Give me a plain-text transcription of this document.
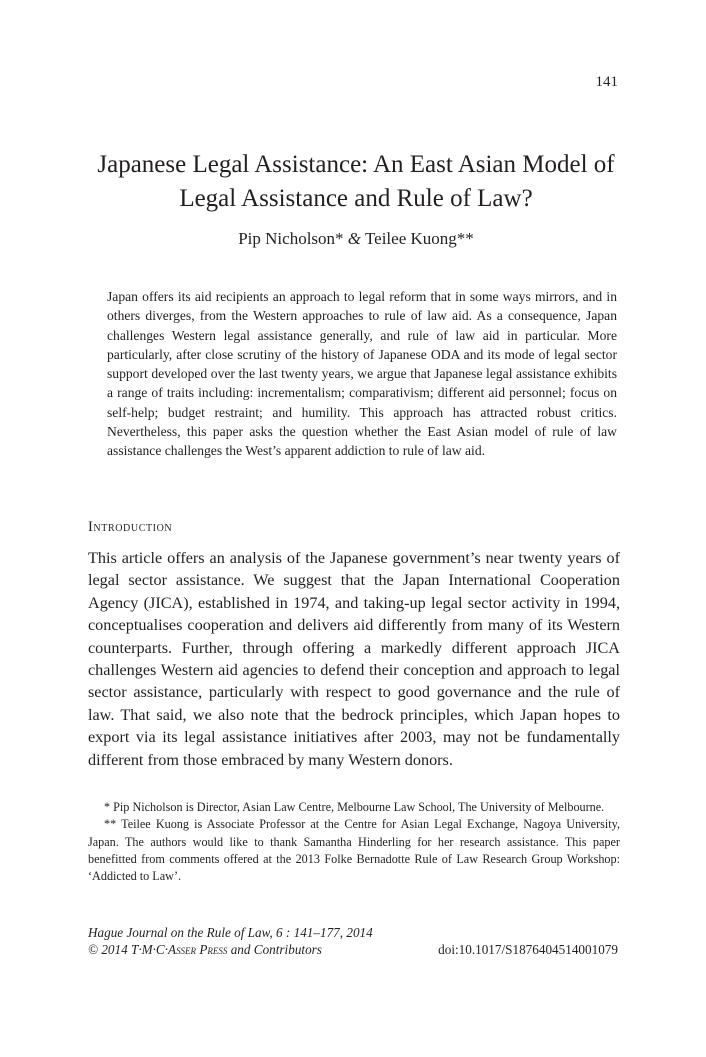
141
Japanese Legal Assistance: An East Asian Model of
Legal Assistance and Rule of Law?
Pip Nicholson* & Teilee Kuong**

Japan offers its aid recipients an approach to legal reform that in some ways mirrors, and in others diverges, from the Western approaches to rule of law aid. As a consequence, Japan challenges Western legal assistance generally, and rule of law aid in particular. More particularly, after close scrutiny of the history of Japanese ODA and its mode of legal sector support developed over the last twenty years, we argue that Japanese legal assistance exhibits a range of traits including: incrementalism; comparativism; different aid personnel; focus on self-help; budget restraint; and humility. This approach has attracted robust critics. Nevertheless, this paper asks the question whether the East Asian model of rule of law assistance challenges the West’s apparent addiction to rule of law aid.

Introduction

This article offers an analysis of the Japanese government’s near twenty years of legal sector assistance. We suggest that the Japan International Cooperation Agency (JICA), established in 1974, and taking-up legal sector activity in 1994, conceptualises cooperation and delivers aid differently from many of its Western counterparts. Further, through offering a markedly different approach JICA challenges Western aid agencies to defend their conception and approach to legal sector assistance, particularly with respect to good governance and the rule of law. That said, we also note that the bedrock principles, which Japan hopes to export via its legal assistance initiatives after 2003, may not be fundamentally different from those embraced by many Western donors.

* Pip Nicholson is Director, Asian Law Centre, Melbourne Law School, The University of Melbourne.

** Teilee Kuong is Associate Professor at the Centre for Asian Legal Exchange, Nagoya University, Japan. The authors would like to thank Samantha Hinderling for her research assistance. This paper benefitted from comments offered at the 2013 Folke Bernadotte Rule of Law Research Group Workshop: ‘Addicted to Law’.

Hague Journal on the Rule of Law, 6 : 141–177, 2014
© 2014 T·M·C·Asser Press and Contributors	doi:10.1017/S1876404514001079
